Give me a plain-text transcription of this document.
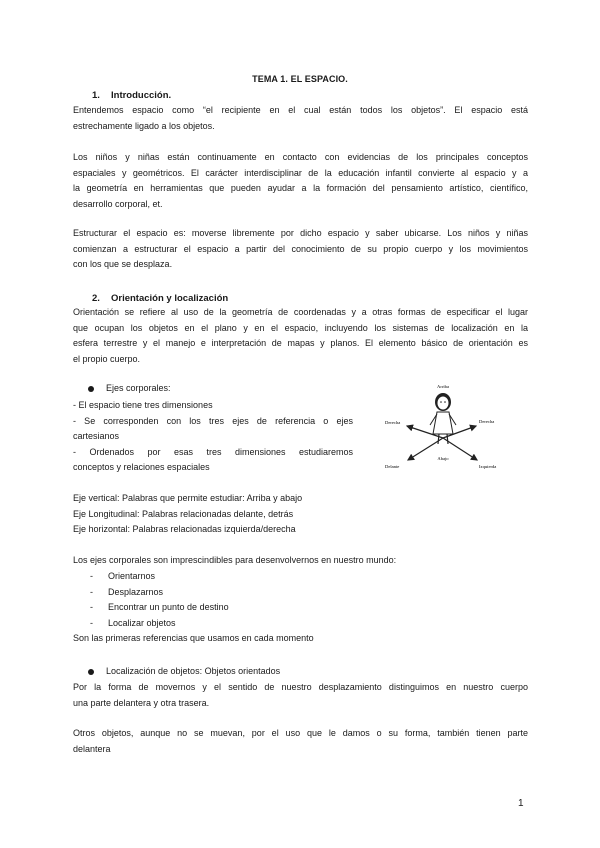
TEMA 1. EL ESPACIO.
1. Introducción.
Entendemos espacio como “el recipiente en el cual están todos los objetos”. El espacio está
estrechamente ligado a los objetos.
Los niños y niñas están continuamente en contacto con evidencias de los principales conceptos
espaciales y geométricos. El carácter interdisciplinar de la educación infantil convierte al espacio y a
la geometría en herramientas que pueden ayudar a la formación del pensamiento artístico, científico,
desarrollo corporal, et.
Estructurar el espacio es: moverse libremente por dicho espacio y saber ubicarse. Los niños y niñas
comienzan a estructurar el espacio a partir del conocimiento de su propio cuerpo y los movimientos
con los que se desplaza.
2. Orientación y localización
Orientación se refiere al uso de la geometría de coordenadas y a otras formas de especificar el lugar
que ocupan los objetos en el plano y en el espacio, incluyendo los sistemas de localización en la
esfera terrestre y el manejo e interpretación de mapas y planos. El elemento básico de orientación es
el propio cuerpo.
Ejes corporales:
- El espacio tiene tres dimensiones
- Se corresponden con los tres ejes de referencia o ejes
cartesianos
- Ordenados por esas tres dimensiones estudiaremos
conceptos y relaciones espaciales
Arriba
Abajo
Derecha	Derecha
Delante	Izquierda
Eje vertical: Palabras que permite estudiar: Arriba y abajo
Eje Longitudinal: Palabras relacionadas delante, detrás
Eje horizontal: Palabras relacionadas izquierda/derecha
Los ejes corporales son imprescindibles para desenvolvernos en nuestro mundo:
- Orientarnos
- Desplazarnos
- Encontrar un punto de destino
- Localizar objetos
Son las primeras referencias que usamos en cada momento
Localización de objetos: Objetos orientados
Por la forma de movernos y el sentido de nuestro desplazamiento distinguimos en nuestro cuerpo
una parte delantera y otra trasera.
Otros objetos, aunque no se muevan, por el uso que le damos o su forma, también tienen parte
delantera
1
